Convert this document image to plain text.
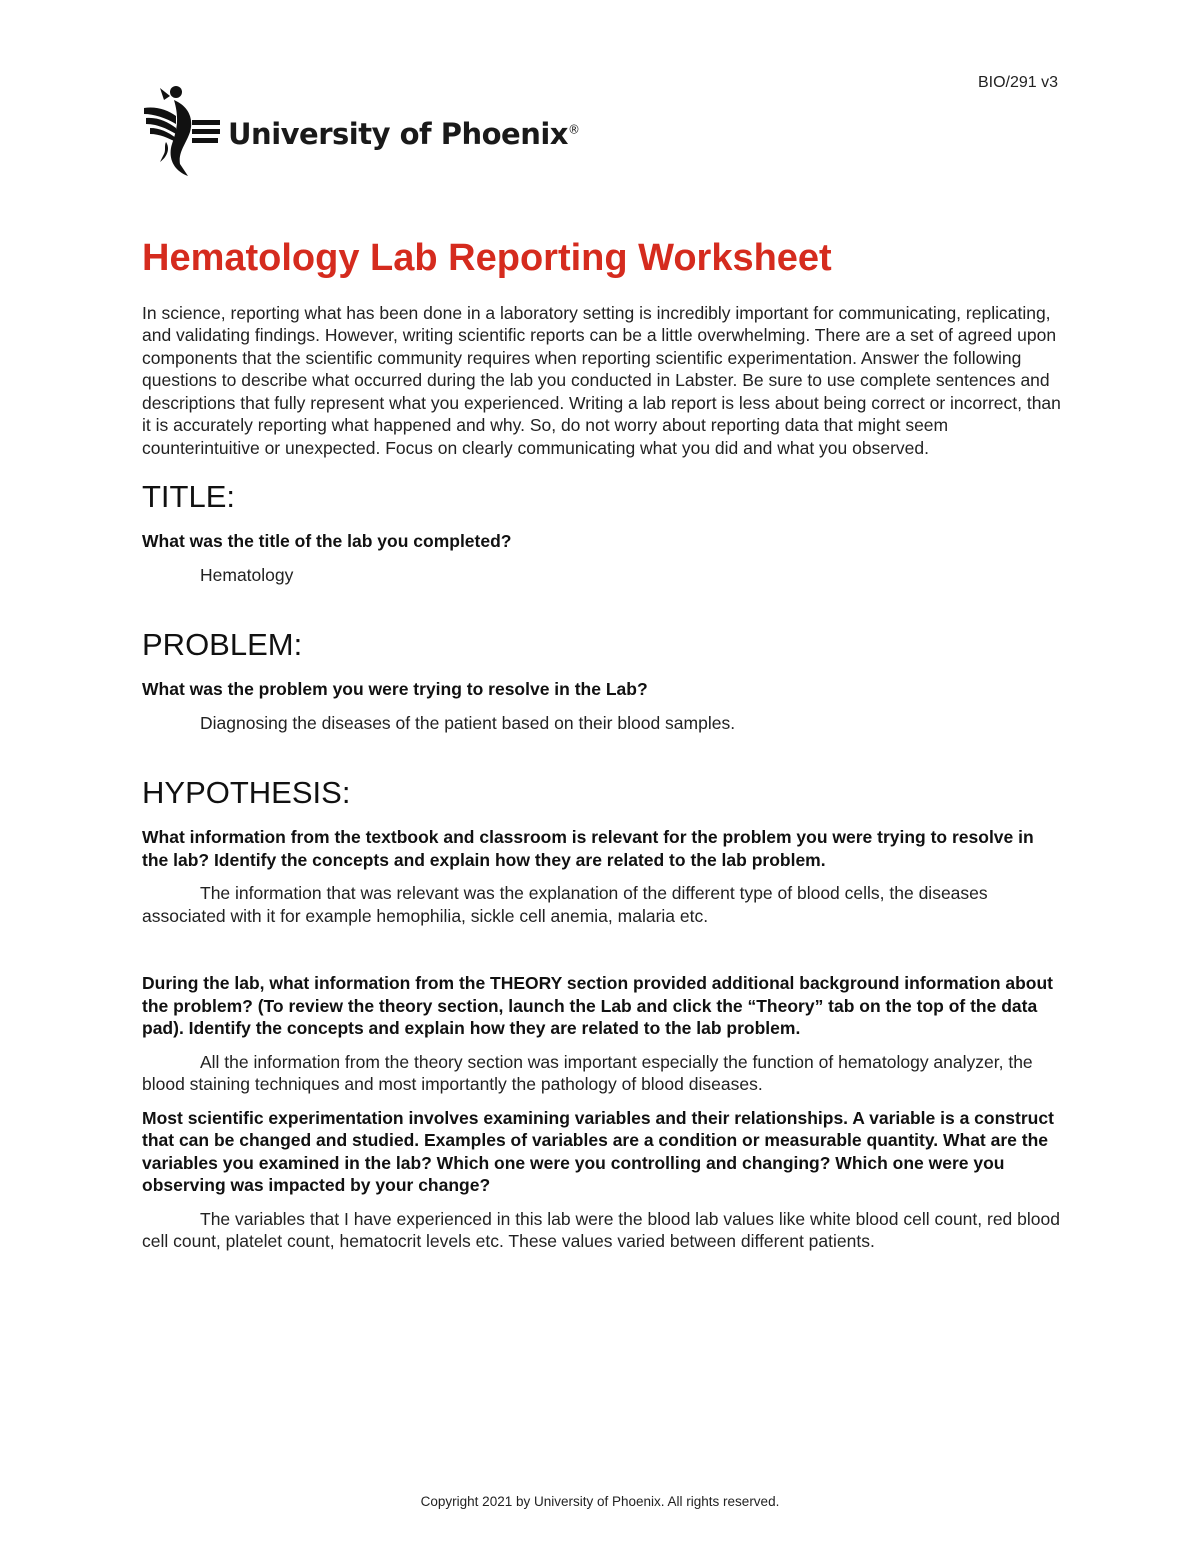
BIO/291 v3
University of Phoenix®
Hematology Lab Reporting Worksheet

In science, reporting what has been done in a laboratory setting is incredibly important for communicating, replicating, and validating findings. However, writing scientific reports can be a little overwhelming. There are a set of agreed upon components that the scientific community requires when reporting scientific experimentation. Answer the following questions to describe what occurred during the lab you conducted in Labster. Be sure to use complete sentences and descriptions that fully represent what you experienced. Writing a lab report is less about being correct or incorrect, than it is accurately reporting what happened and why. So, do not worry about reporting data that might seem counterintuitive or unexpected. Focus on clearly communicating what you did and what you observed.

TITLE:

What was the title of the lab you completed?

Hematology

PROBLEM:

What was the problem you were trying to resolve in the Lab?

Diagnosing the diseases of the patient based on their blood samples.

HYPOTHESIS:

What information from the textbook and classroom is relevant for the problem you were trying to resolve in the lab? Identify the concepts and explain how they are related to the lab problem.

The information that was relevant was the explanation of the different type of blood cells, the diseases associated with it for example hemophilia, sickle cell anemia, malaria etc.

During the lab, what information from the THEORY section provided additional background information about the problem? (To review the theory section, launch the Lab and click the “Theory” tab on the top of the data pad). Identify the concepts and explain how they are related to the lab problem.

All the information from the theory section was important especially the function of hematology analyzer, the blood staining techniques and most importantly the pathology of blood diseases.

Most scientific experimentation involves examining variables and their relationships. A variable is a construct that can be changed and studied. Examples of variables are a condition or measurable quantity. What are the variables you examined in the lab? Which one were you controlling and changing? Which one were you observing was impacted by your change?

The variables that I have experienced in this lab were the blood lab values like white blood cell count, red blood cell count, platelet count, hematocrit levels etc. These values varied between different patients.

Copyright 2021 by University of Phoenix. All rights reserved.
